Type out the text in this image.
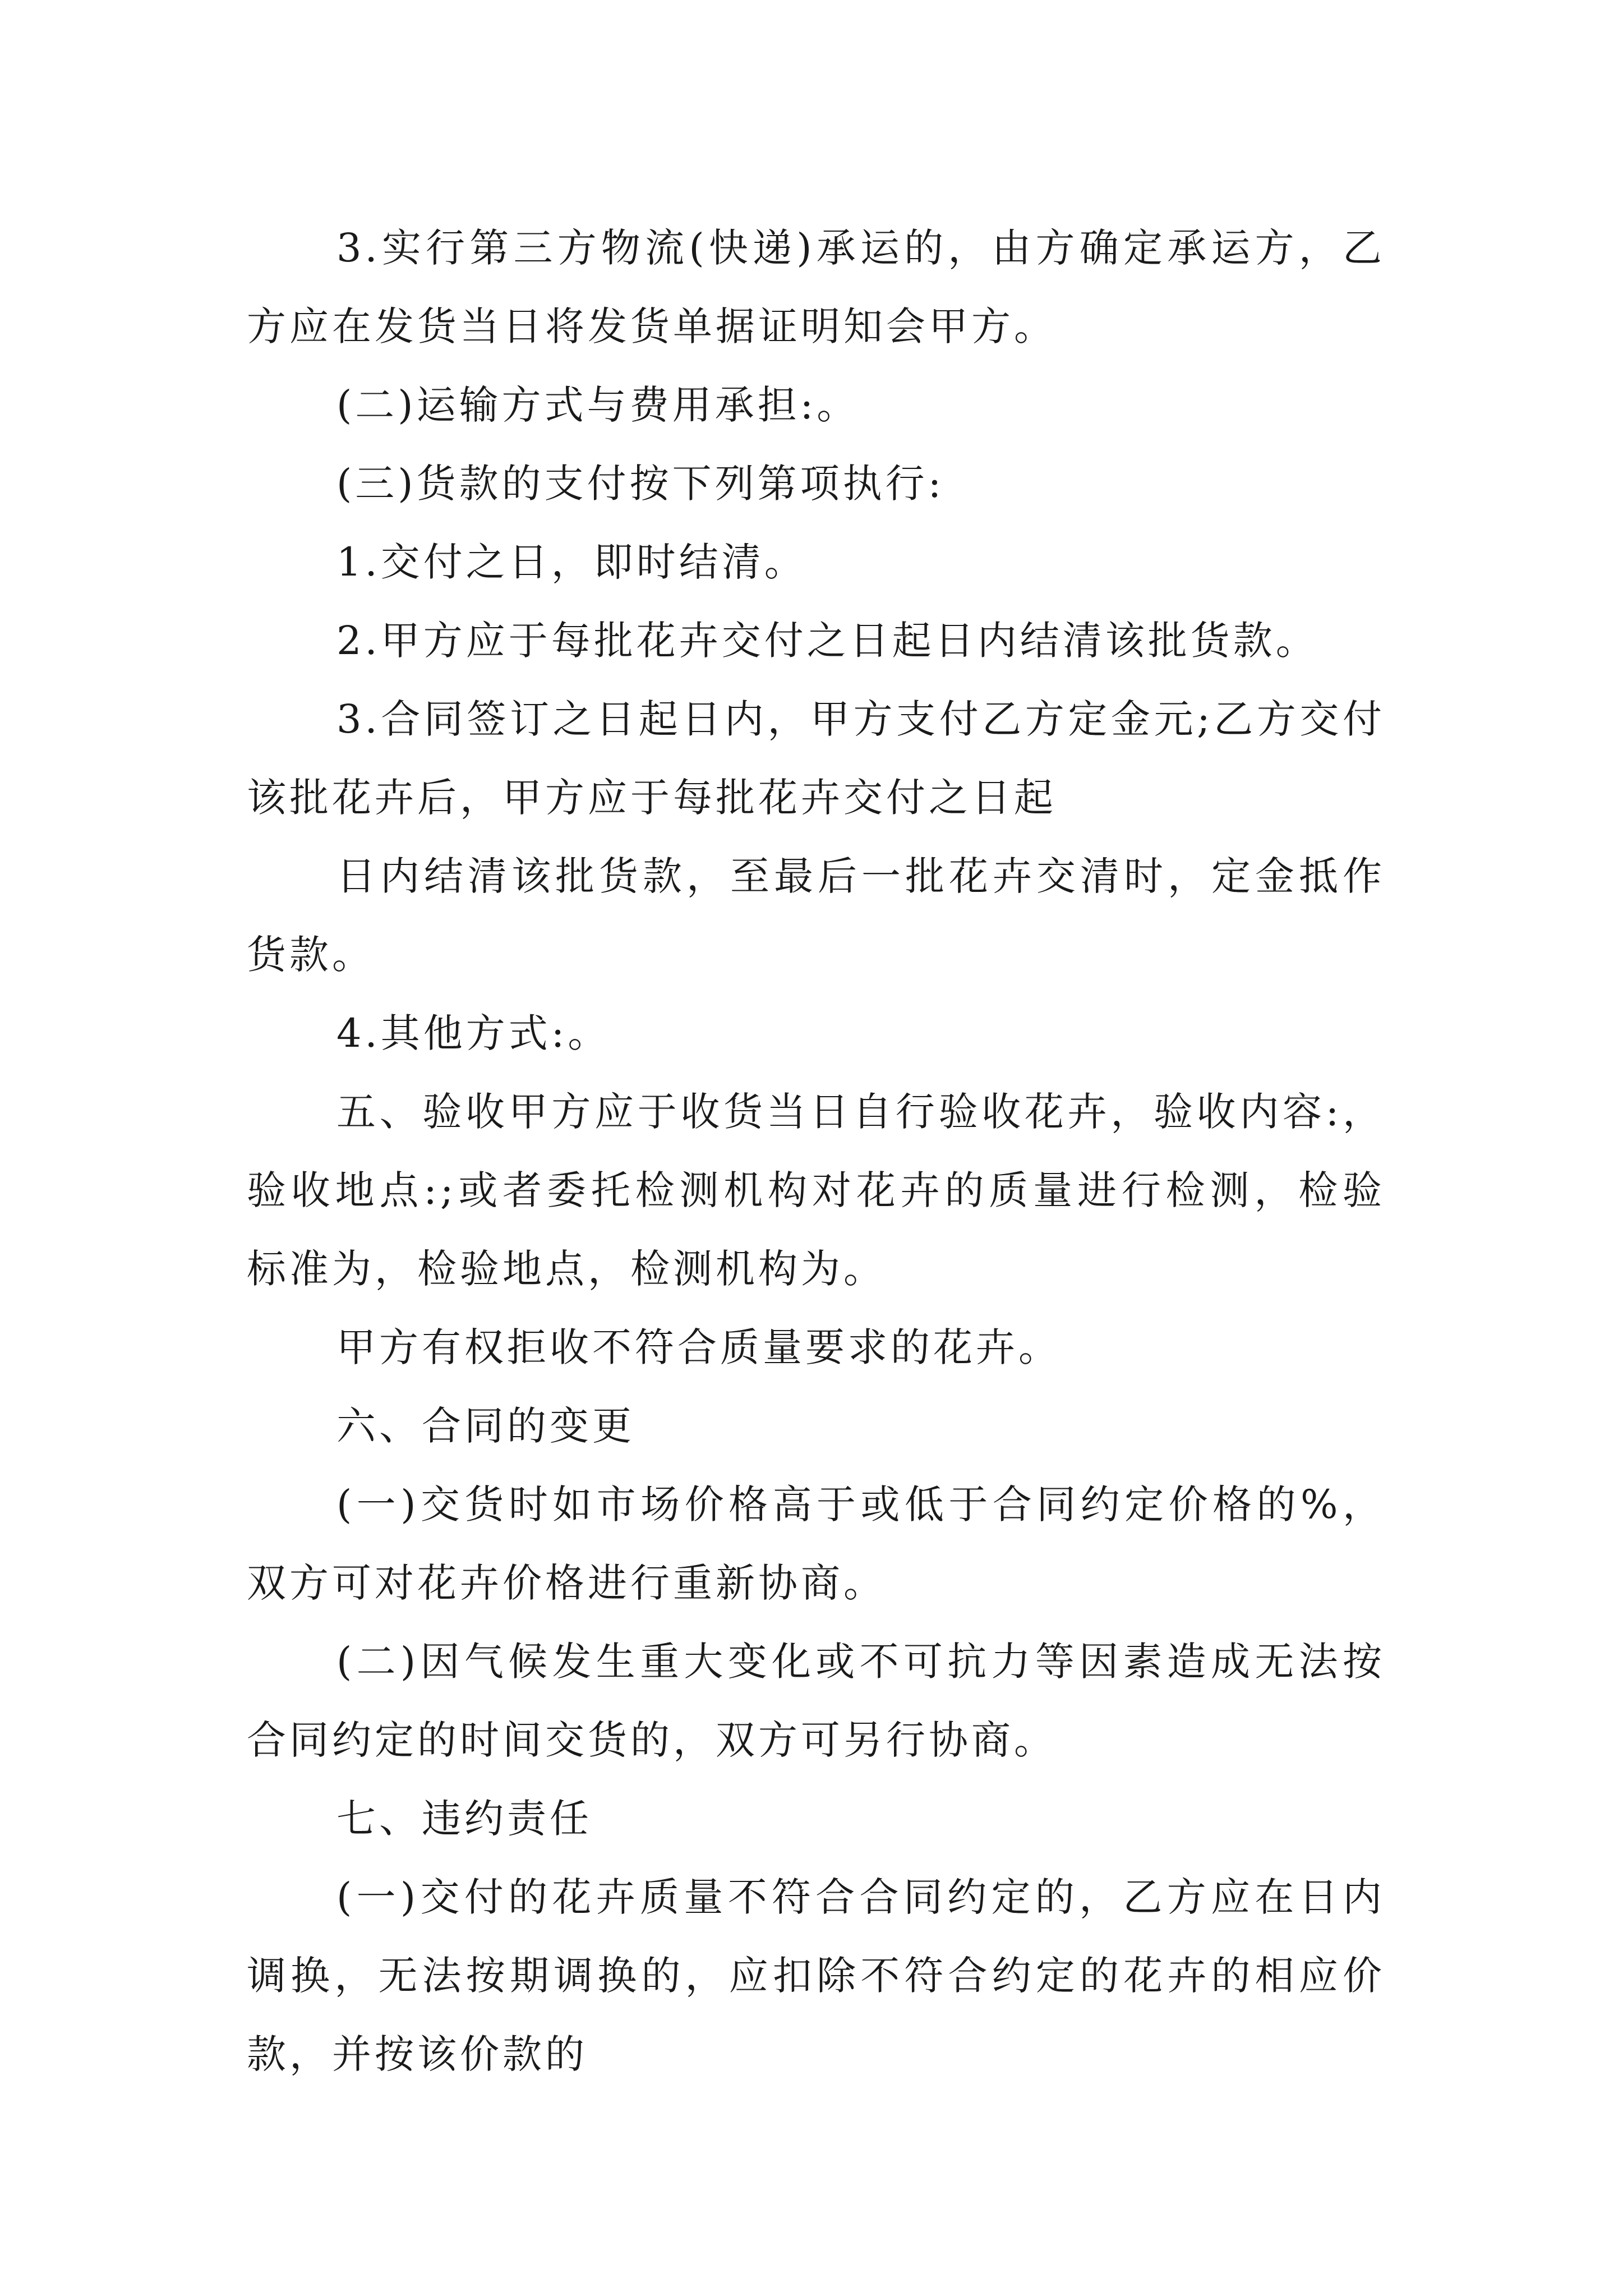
3.实行第三方物流(快递)承运的，由方确定承运方，乙方应在发货当日将发货单据证明知会甲方。

(二)运输方式与费用承担:。

(三)货款的支付按下列第项执行:

1.交付之日，即时结清。

2.甲方应于每批花卉交付之日起日内结清该批货款。

3.合同签订之日起日内，甲方支付乙方定金元;乙方交付该批花卉后，甲方应于每批花卉交付之日起

日内结清该批货款，至最后一批花卉交清时，定金抵作货款。

4.其他方式:。

五、验收甲方应于收货当日自行验收花卉，验收内容:，验收地点:;或者委托检测机构对花卉的质量进行检测，检验标准为，检验地点，检测机构为。

甲方有权拒收不符合质量要求的花卉。

六、合同的变更

(一)交货时如市场价格高于或低于合同约定价格的%，双方可对花卉价格进行重新协商。

(二)因气候发生重大变化或不可抗力等因素造成无法按合同约定的时间交货的，双方可另行协商。

七、违约责任

(一)交付的花卉质量不符合合同约定的，乙方应在日内调换，无法按期调换的，应扣除不符合约定的花卉的相应价款，并按该价款的
